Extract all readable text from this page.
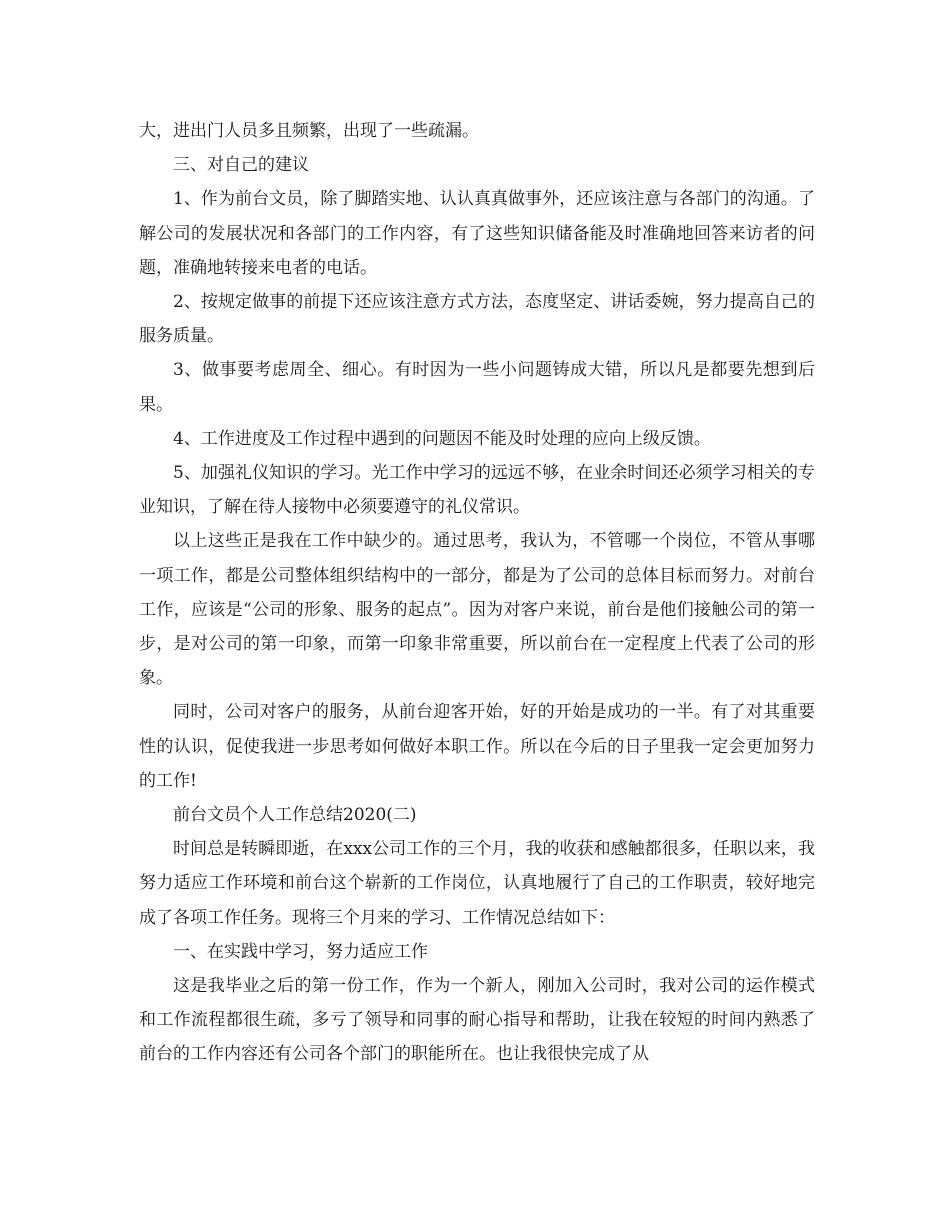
大，进出门人员多且频繁，出现了一些疏漏。

三、对自己的建议

1、作为前台文员，除了脚踏实地、认认真真做事外，还应该注意与各部门的沟通。了解公司的发展状况和各部门的工作内容，有了这些知识储备能及时准确地回答来访者的问题，准确地转接来电者的电话。

2、按规定做事的前提下还应该注意方式方法，态度坚定、讲话委婉，努力提高自己的服务质量。

3、做事要考虑周全、细心。有时因为一些小问题铸成大错，所以凡是都要先想到后果。

4、工作进度及工作过程中遇到的问题因不能及时处理的应向上级反馈。

5、加强礼仪知识的学习。光工作中学习的远远不够，在业余时间还必须学习相关的专业知识，了解在待人接物中必须要遵守的礼仪常识。

以上这些正是我在工作中缺少的。通过思考，我认为，不管哪一个岗位，不管从事哪一项工作，都是公司整体组织结构中的一部分，都是为了公司的总体目标而努力。对前台工作，应该是“公司的形象、服务的起点”。因为对客户来说，前台是他们接触公司的第一步，是对公司的第一印象，而第一印象非常重要，所以前台在一定程度上代表了公司的形象。

同时，公司对客户的服务，从前台迎客开始，好的开始是成功的一半。有了对其重要性的认识，促使我进一步思考如何做好本职工作。所以在今后的日子里我一定会更加努力的工作!

前台文员个人工作总结2020(二)

时间总是转瞬即逝，在xxx公司工作的三个月，我的收获和感触都很多，任职以来，我努力适应工作环境和前台这个崭新的工作岗位，认真地履行了自己的工作职责，较好地完成了各项工作任务。现将三个月来的学习、工作情况总结如下：

一、在实践中学习，努力适应工作

这是我毕业之后的第一份工作，作为一个新人，刚加入公司时，我对公司的运作模式和工作流程都很生疏，多亏了领导和同事的耐心指导和帮助，让我在较短的时间内熟悉了前台的工作内容还有公司各个部门的职能所在。也让我很快完成了从
